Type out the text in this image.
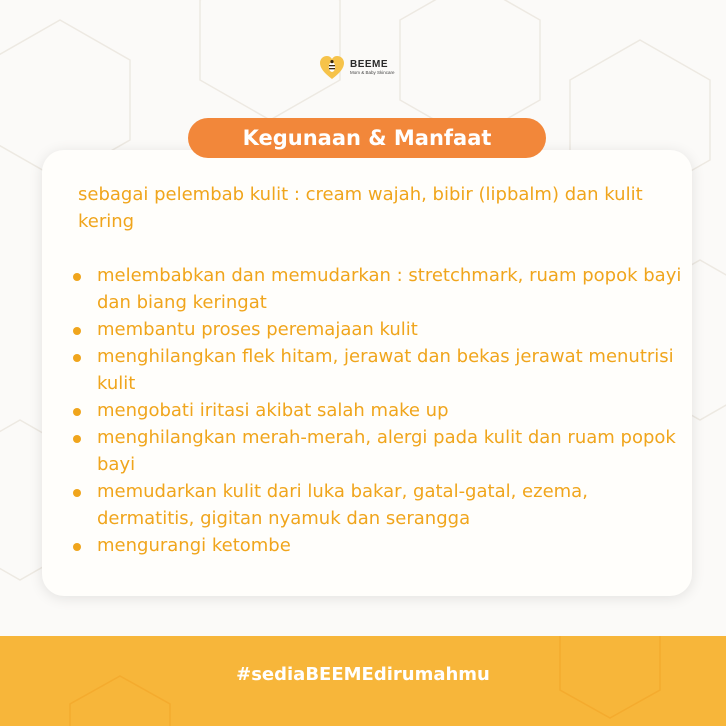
BEEME
Mom & Baby Skincare
Kegunaan & Manfaat
sebagai pelembab kulit : cream wajah, bibir (lipbalm) dan kulit kering
melembabkan dan memudarkan : stretchmark, ruam popok bayi dan biang keringat
membantu proses peremajaan kulit
menghilangkan flek hitam, jerawat dan bekas jerawat menutrisi kulit
mengobati iritasi akibat salah make up
menghilangkan merah-merah, alergi pada kulit dan ruam popok bayi
memudarkan kulit dari luka bakar, gatal-gatal, ezema, dermatitis, gigitan nyamuk dan serangga
mengurangi ketombe
#sediaBEEMEdirumahmu
